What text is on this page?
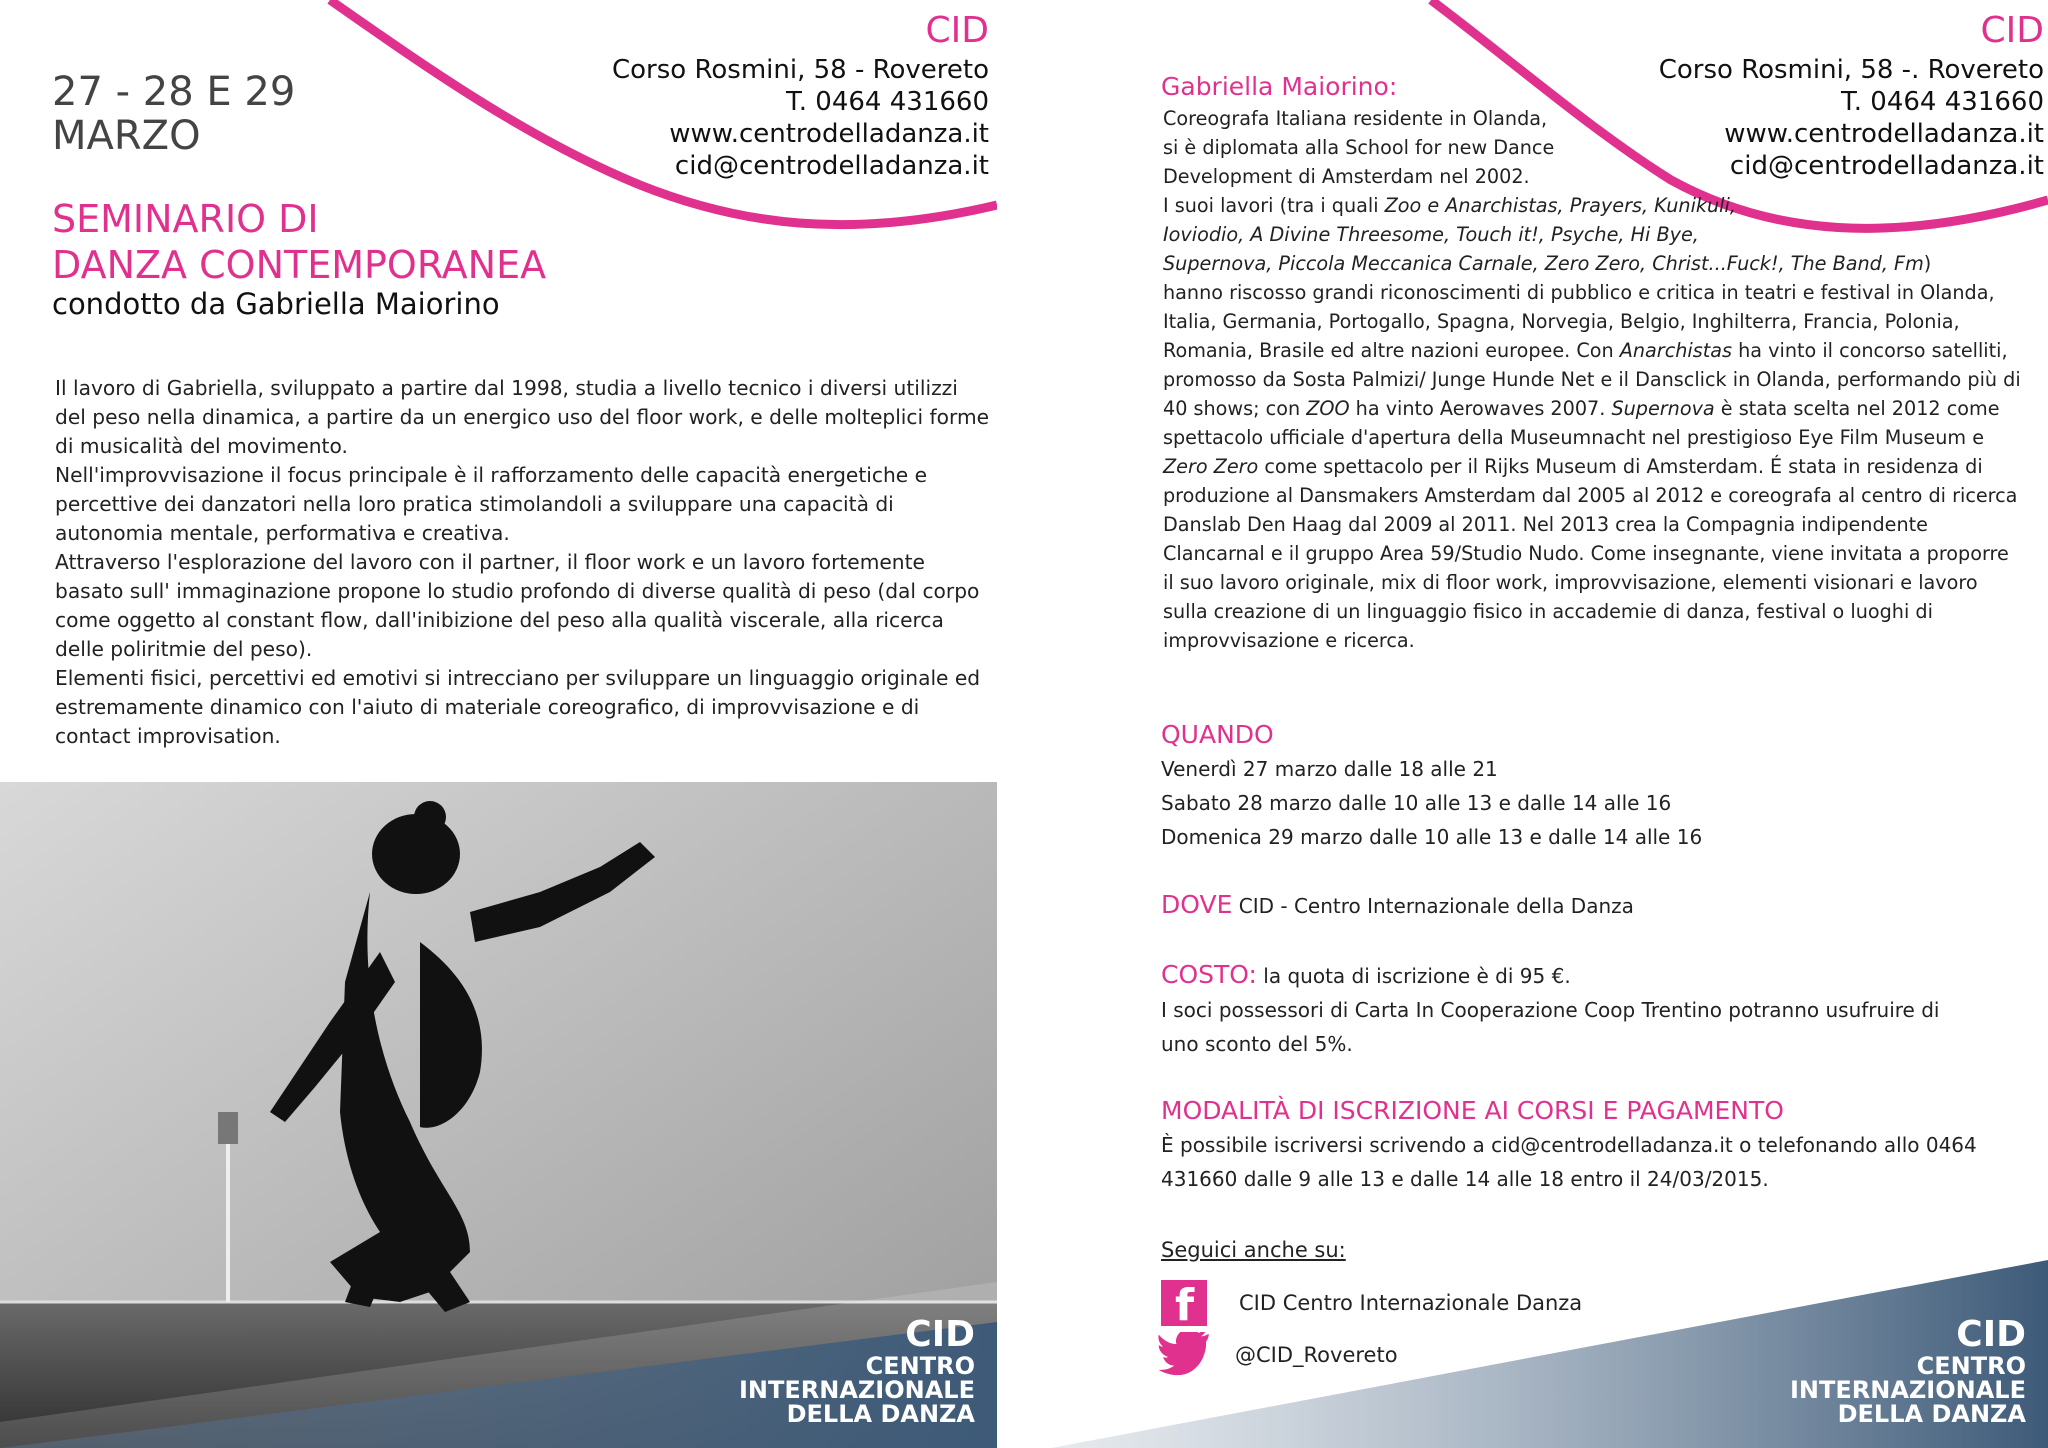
CID
Corso Rosmini, 58 - Rovereto
T. 0464 431660
www.centrodelladanza.it
cid@centrodelladanza.it
27 - 28 E 29
MARZO
SEMINARIO DI
DANZA CONTEMPORANEA
condotto da Gabriella Maiorino

Il lavoro di Gabriella, sviluppato a partire dal 1998, studia a livello tecnico i diversi utilizzi del peso nella dinamica, a partire da un energico uso del floor work, e delle molteplici forme di musicalità del movimento.

Nell'improvvisazione il focus principale è il rafforzamento delle capacità energetiche e percettive dei danzatori nella loro pratica stimolandoli a sviluppare una capacità di autonomia mentale, performativa e creativa.

Attraverso l'esplorazione del lavoro con il partner, il floor work e un lavoro fortemente basato sull' immaginazione propone lo studio profondo di diverse qualità di peso (dal corpo come oggetto al constant flow, dall'inibizione del peso alla qualità viscerale, alla ricerca delle poliritmie del peso).

Elementi fisici, percettivi ed emotivi si intrecciano per sviluppare un linguaggio originale ed estremamente dinamico con l'aiuto di materiale coreografico, di improvvisazione e di contact improvisation.

CID
CENTRO
INTERNAZIONALE
DELLA DANZA
CID
Corso Rosmini, 58 -. Rovereto
T. 0464 431660
www.centrodelladanza.it
cid@centrodelladanza.it
Gabriella Maiorino:

Coreografa Italiana residente in Olanda,

si è diplomata alla School for new Dance

Development di Amsterdam nel 2002.

I suoi lavori (tra i quali Zoo e Anarchistas, Prayers, Kunikuli,

Ioviodio, A Divine Threesome, Touch it!, Psyche, Hi Bye,

Supernova, Piccola Meccanica Carnale, Zero Zero, Christ...Fuck!, The Band, Fm)

hanno riscosso grandi riconoscimenti di pubblico e critica in teatri e festival in Olanda, Italia, Germania, Portogallo, Spagna, Norvegia, Belgio, Inghilterra, Francia, Polonia, Romania, Brasile ed altre nazioni europee. Con Anarchistas ha vinto il concorso satelliti, promosso da Sosta Palmizi/ Junge Hunde Net e il Dansclick in Olanda, performando più di 40 shows; con ZOO ha vinto Aerowaves 2007. Supernova è stata scelta nel 2012 come spettacolo ufficiale d'apertura della Museumnacht nel prestigioso Eye Film Museum e Zero Zero come spettacolo per il Rijks Museum di Amsterdam. É stata in residenza di produzione al Dansmakers Amsterdam dal 2005 al 2012 e coreografa al centro di ricerca Danslab Den Haag dal 2009 al 2011. Nel 2013 crea la Compagnia indipendente Clancarnal e il gruppo Area 59/Studio Nudo. Come insegnante, viene invitata a proporre il suo lavoro originale, mix di floor work, improvvisazione, elementi visionari e lavoro sulla creazione di un linguaggio fisico in accademie di danza, festival o luoghi di improvvisazione e ricerca.

QUANDO

Venerdì 27 marzo dalle 18 alle 21

Sabato 28 marzo dalle 10 alle 13 e dalle 14 alle 16

Domenica 29 marzo dalle 10 alle 13 e dalle 14 alle 16

DOVE CID - Centro Internazionale della Danza
COSTO: la quota di iscrizione è di 95 €.

I soci possessori di Carta In Cooperazione Coop Trentino potranno usufruire di uno sconto del 5%.

MODALITÀ DI ISCRIZIONE AI CORSI E PAGAMENTO

È possibile iscriversi scrivendo a cid@centrodelladanza.it o telefonando allo 0464 431660 dalle 9 alle 13 e dalle 14 alle 18 entro il 24/03/2015.

Seguici anche su:
f CID Centro Internazionale Danza
@CID_Rovereto	CID
CENTRO
INTERNAZIONALE
DELLA DANZA
